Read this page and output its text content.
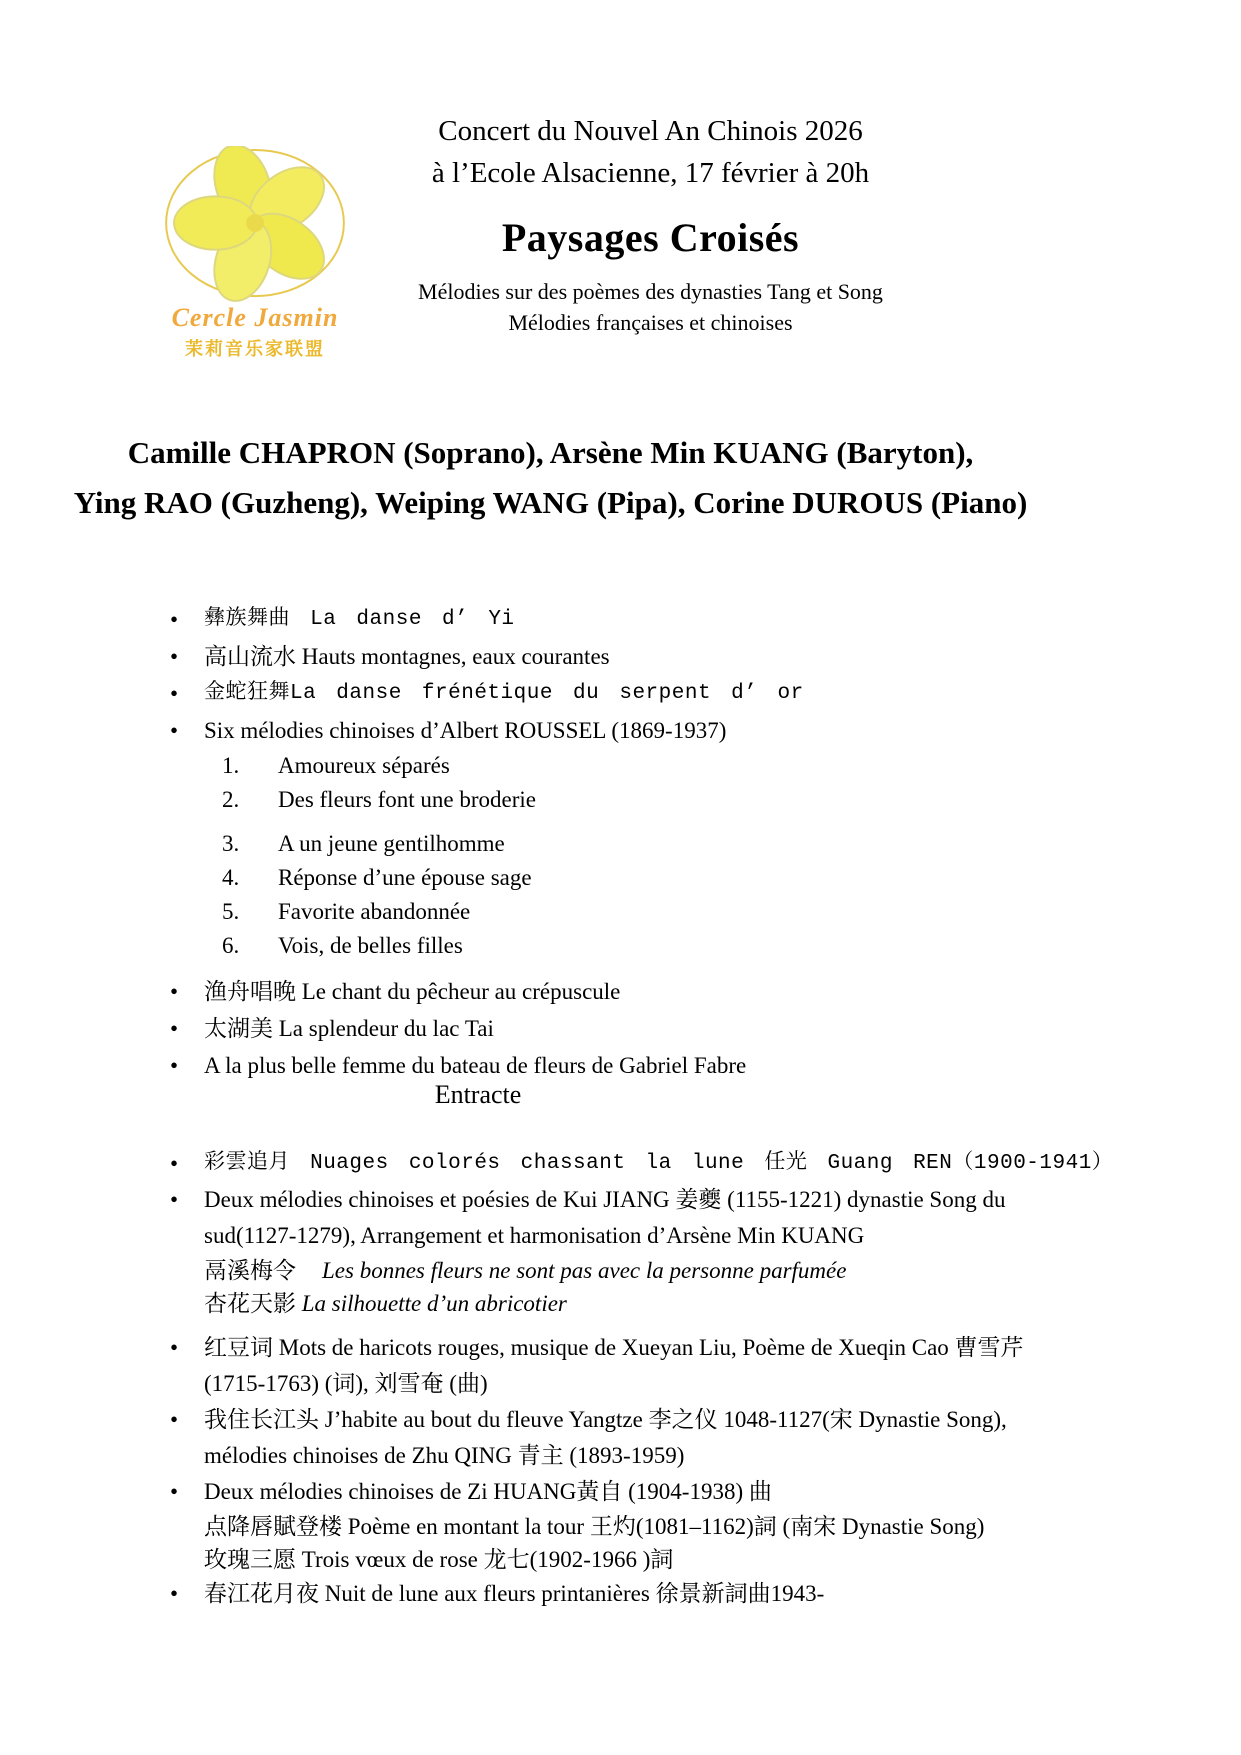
Cercle Jasmin
茉莉音乐家联盟
Concert du Nouvel An Chinois 2026
à l’Ecole Alsacienne, 17 février à 20h
Paysages Croisés
Mélodies sur des poèmes des dynasties Tang et Song
Mélodies françaises et chinoises
Camille CHAPRON (Soprano), Arsène Min KUANG (Baryton),
Ying RAO (Guzheng), Weiping WANG (Pipa), Corine DUROUS (Piano)
•	彝族舞曲 La danse d’ Yi
•	高山流水 Hauts montagnes, eaux courantes
•	金蛇狂舞La danse frénétique du serpent d’ or
•	Six mélodies chinoises d’Albert ROUSSEL (1869-1937)
1.	Amoureux séparés
2.	Des fleurs font une broderie
3.	A un jeune gentilhomme
4.	Réponse d’une épouse sage
5.	Favorite abandonnée
6.	Vois, de belles filles
•	渔舟唱晚 Le chant du pêcheur au crépuscule
•	太湖美 La splendeur du lac Tai
•	A la plus belle femme du bateau de fleurs de Gabriel Fabre
Entracte
•	彩雲追月 Nuages colorés chassant la lune 任光 Guang REN（1900-1941）
•	Deux mélodies chinoises et poésies de Kui JIANG 姜夔 (1155-1221) dynastie Song du
sud(1127-1279), Arrangement et harmonisation d’Arsène Min KUANG
鬲溪梅令 Les bonnes fleurs ne sont pas avec la personne parfumée
杏花天影 La silhouette d’un abricotier
•	红豆词 Mots de haricots rouges, musique de Xueyan Liu, Poème de Xueqin Cao 曹雪芹
(1715-1763) (词), 刘雪奄 (曲)
•	我住长江头 J’habite au bout du fleuve Yangtze 李之仪 1048-1127(宋 Dynastie Song),
mélodies chinoises de Zhu QING 青主 (1893-1959)
•	Deux mélodies chinoises de Zi HUANG黃自 (1904-1938) 曲
点降唇賦登楼 Poème en montant la tour 王灼(1081–1162)詞 (南宋 Dynastie Song)
玫瑰三愿 Trois vœux de rose 龙七(1902-1966 )詞
•	春江花月夜 Nuit de lune aux fleurs printanières 徐景新詞曲1943-
